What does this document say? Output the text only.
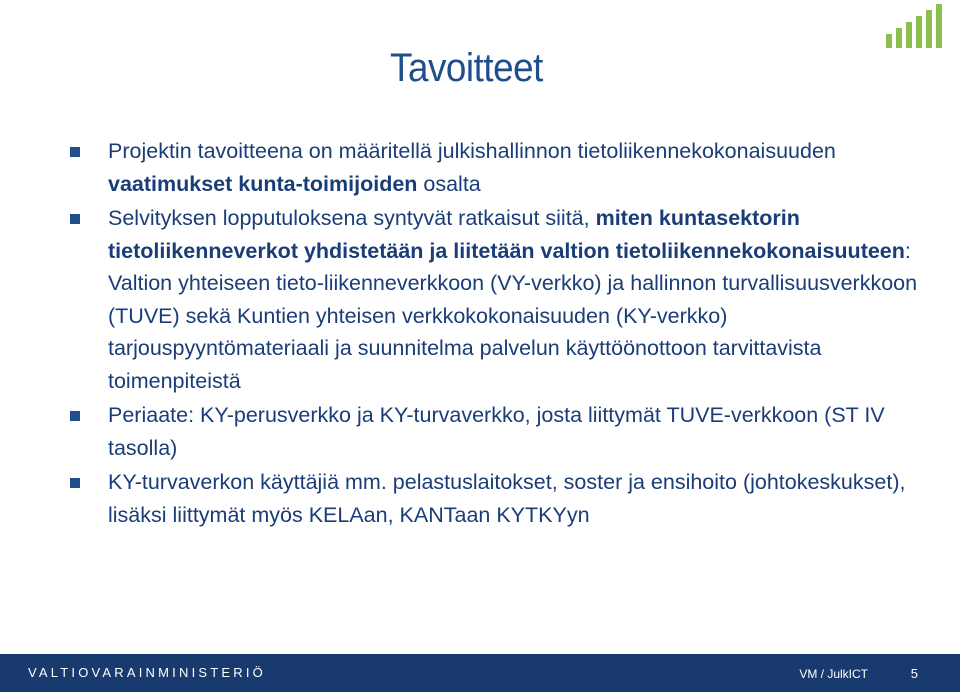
Tavoitteet
Projektin tavoitteena on määritellä julkishallinnon tietoliikennekokonaisuuden vaatimukset kunta-toimijoiden osalta
Selvityksen lopputuloksena syntyvät ratkaisut siitä, miten kuntasektorin tietoliikenneverkot yhdistetään ja liitetään valtion tietoliikennekokonaisuuteen: Valtion yhteiseen tieto-liikenneverkkoon (VY-verkko) ja hallinnon turvallisuusverkkoon (TUVE) sekä Kuntien yhteisen verkkokokonaisuuden (KY-verkko) tarjouspyyntömateriaali ja suunnitelma palvelun käyttöönottoon tarvittavista toimenpiteistä
Periaate: KY-perusverkko ja KY-turvaverkko, josta liittymät TUVE-verkkoon (ST IV tasolla)
KY-turvaverkon käyttäjiä mm. pelastuslaitokset, soster ja ensihoito (johtokeskukset), lisäksi liittymät myös KELAan, KANTaan KYTKYyn
VALTIOVARAINMINISTERIÖ	VM / JulkICT	5
